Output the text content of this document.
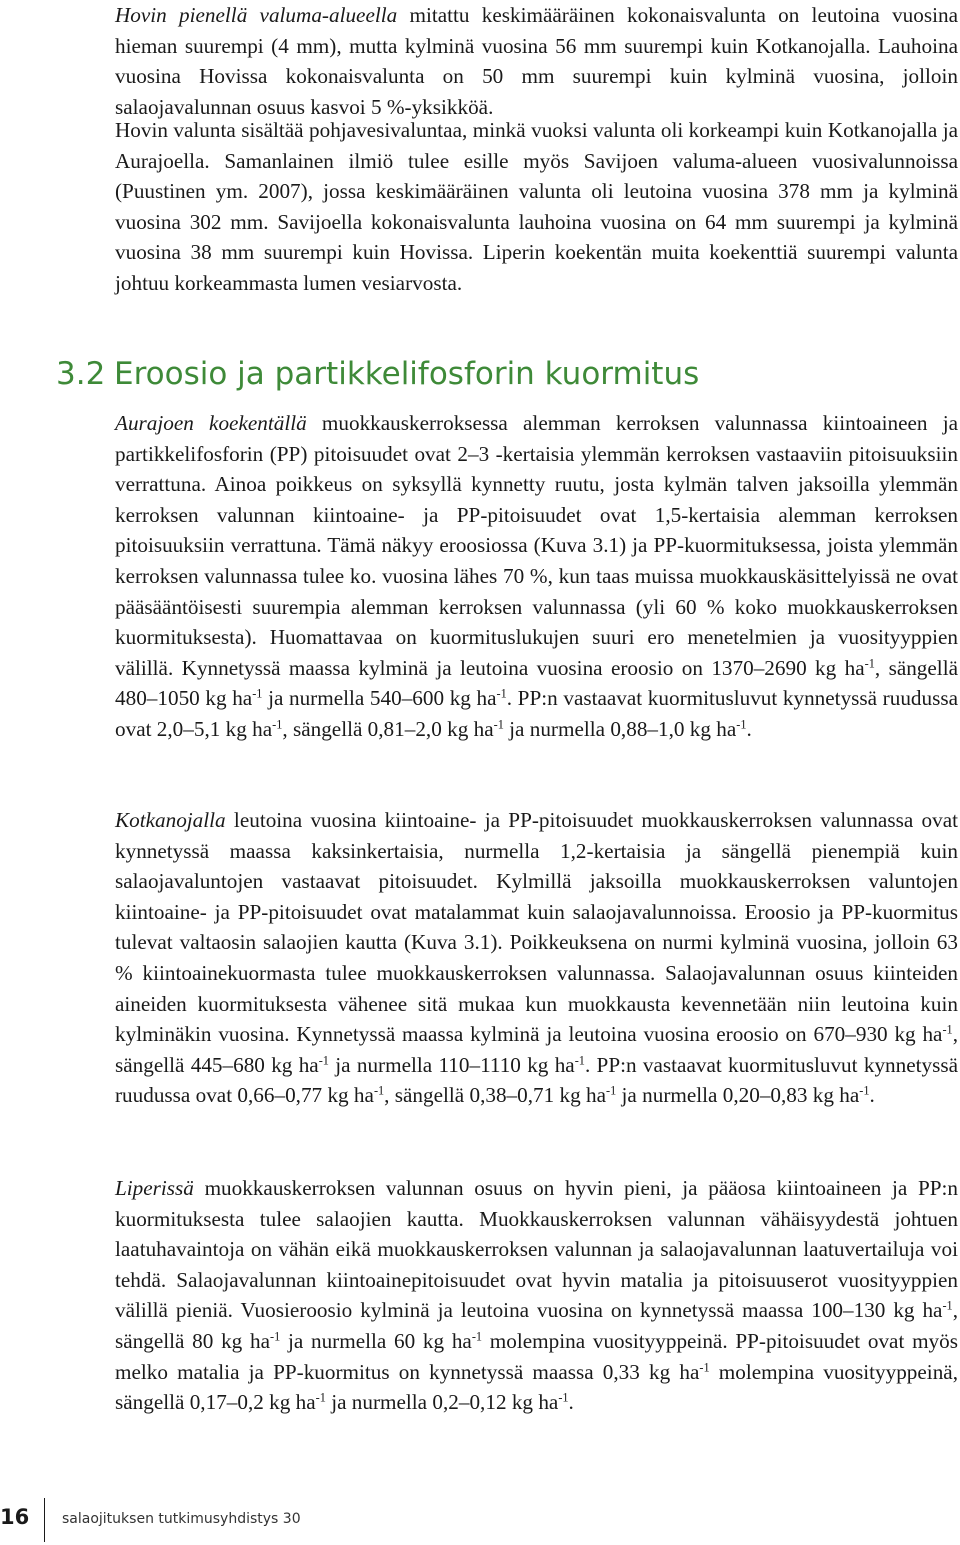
Hovin pienellä valuma-alueella mitattu keskimääräinen kokonaisvalunta on leutoina vuosina hieman suurempi (4 mm), mutta kylminä vuosina 56 mm suurempi kuin Kotkanojalla. Lauhoina vuosina Hovissa kokonaisvalunta on 50 mm suurempi kuin kylminä vuosina, jolloin salaojavalunnan osuus kasvoi 5 %-yksikköä.

Hovin valunta sisältää pohjavesivaluntaa, minkä vuoksi valunta oli korkeampi kuin Kotkanojalla ja Aurajoella. Samanlainen ilmiö tulee esille myös Savijoen valuma-alueen vuosivalunnoissa (Puustinen ym. 2007), jossa keskimääräinen valunta oli leutoina vuosina 378 mm ja kylminä vuosina 302 mm. Savijoella kokonaisvalunta lauhoina vuosina on 64 mm suurempi ja kylminä vuosina 38 mm suurempi kuin Hovissa. Liperin koekentän muita koekenttiä suurempi valunta johtuu korkeammasta lumen vesiarvosta.

3.2 Eroosio ja partikkelifosforin kuormitus

Aurajoen koekentällä muokkauskerroksessa alemman kerroksen valunnassa kiintoaineen ja partikkelifosforin (PP) pitoisuudet ovat 2–3 -kertaisia ylemmän kerroksen vastaaviin pitoisuuksiin verrattuna. Ainoa poikkeus on syksyllä kynnetty ruutu, josta kylmän talven jaksoilla ylemmän kerroksen valunnan kiintoaine- ja PP-pitoisuudet ovat 1,5-kertaisia alemman kerroksen pitoisuuksiin verrattuna. Tämä näkyy eroosiossa (Kuva 3.1) ja PP-kuormituksessa, joista ylemmän kerroksen valunnassa tulee ko. vuosina lähes 70 %, kun taas muissa muokkauskäsittelyissä ne ovat pääsääntöisesti suurempia alemman kerroksen valunnassa (yli 60 % koko muokkauskerroksen kuormituksesta). Huomattavaa on kuormituslukujen suuri ero menetelmien ja vuosityyppien välillä. Kynnetyssä maassa kylminä ja leutoina vuosina eroosio on 1370–2690 kg $ha^{-1}$, sängellä 480–1050 kg $ha^{-1}$ ja nurmella 540–600 kg $ha^{-1}$. PP:n vastaavat kuormitusluvut kynnetyssä ruudussa ovat 2,0–5,1 kg $ha^{-1}$, sängellä 0,81–2,0 kg $ha^{-1}$ ja nurmella 0,88–1,0 kg $ha^{-1}$.

Kotkanojalla leutoina vuosina kiintoaine- ja PP-pitoisuudet muokkauskerroksen valunnassa ovat kynnetyssä maassa kaksinkertaisia, nurmella 1,2-kertaisia ja sängellä pienempiä kuin salaojavaluntojen vastaavat pitoisuudet. Kylmillä jaksoilla muokkauskerroksen valuntojen kiintoaine- ja PP-pitoisuudet ovat matalammat kuin salaojavalunnoissa. Eroosio ja PP-kuormitus tulevat valtaosin salaojien kautta (Kuva 3.1). Poikkeuksena on nurmi kylminä vuosina, jolloin 63 % kiintoainekuormasta tulee muokkauskerroksen valunnassa. Salaojavalunnan osuus kiinteiden aineiden kuormituksesta vähenee sitä mukaa kun muokkausta kevennetään niin leutoina kuin kylminäkin vuosina. Kynnetyssä maassa kylminä ja leutoina vuosina eroosio on 670–930 kg $ha^{-1}$, sängellä 445–680 kg $ha^{-1}$ ja nurmella 110–1110 kg $ha^{-1}$. PP:n vastaavat kuormitusluvut kynnetyssä ruudussa ovat 0,66–0,77 kg $ha^{-1}$, sängellä 0,38–0,71 kg $ha^{-1}$ ja nurmella 0,20–0,83 kg $ha^{-1}$.

Liperissä muokkauskerroksen valunnan osuus on hyvin pieni, ja pääosa kiintoaineen ja PP:n kuormituksesta tulee salaojien kautta. Muokkauskerroksen valunnan vähäisyydestä johtuen laatuhavaintoja on vähän eikä muokkauskerroksen valunnan ja salaojavalunnan laatuvertailuja voi tehdä. Salaojavalunnan kiintoainepitoisuudet ovat hyvin matalia ja pitoisuuserot vuosityyppien välillä pieniä. Vuosieroosio kylminä ja leutoina vuosina on kynnetyssä maassa 100–130 kg $ha^{-1}$, sängellä 80 kg $ha^{-1}$ ja nurmella 60 kg $ha^{-1}$ molempina vuosityyppeinä. PP-pitoisuudet ovat myös melko matalia ja PP-kuormitus on kynnetyssä maassa 0,33 kg $ha^{-1}$ molempina vuosityyppeinä, sängellä 0,17–0,2 kg $ha^{-1}$ ja nurmella 0,2–0,12 kg $ha^{-1}$.

16 salaojituksen tutkimusyhdistys 30
